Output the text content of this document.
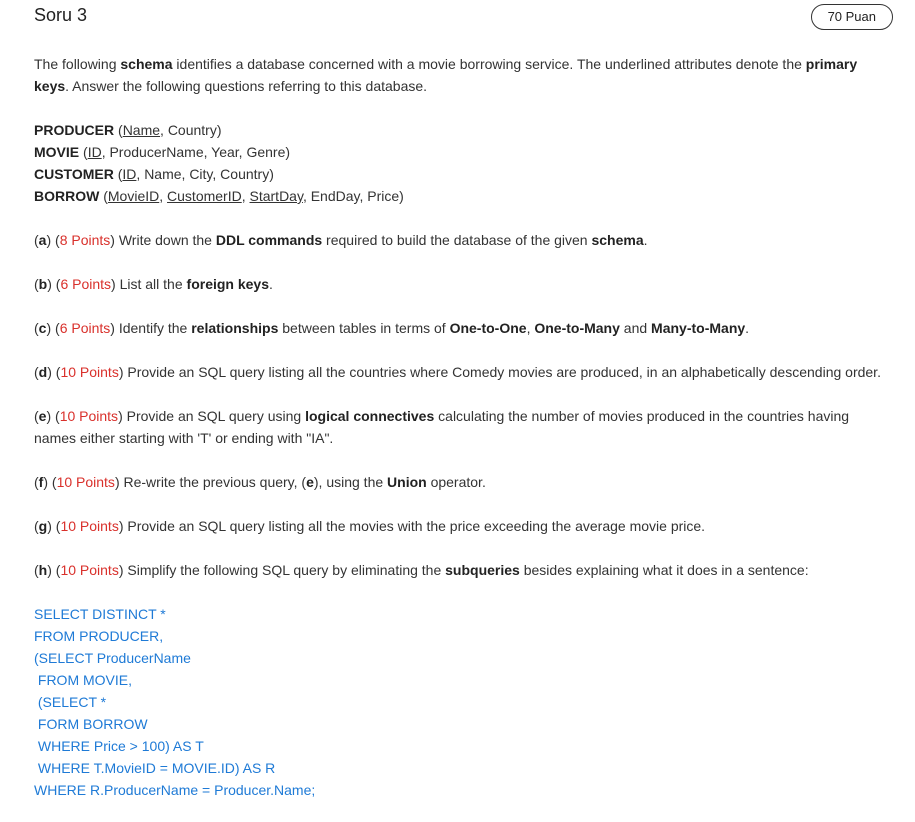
Soru 3	70 Puan

The following schema identifies a database concerned with a movie borrowing service. The underlined attributes denote the primary keys. Answer the following questions referring to this database.

PRODUCER (Name, Country)
MOVIE (ID, ProducerName, Year, Genre)
CUSTOMER (ID, Name, City, Country)
BORROW (MovieID, CustomerID, StartDay, EndDay, Price)

(a) (8 Points) Write down the DDL commands required to build the database of the given schema.

(b) (6 Points) List all the foreign keys.

(c) (6 Points) Identify the relationships between tables in terms of One-to-One, One-to-Many and Many-to-Many.

(d) (10 Points) Provide an SQL query listing all the countries where Comedy movies are produced, in an alphabetically descending order.

(e) (10 Points) Provide an SQL query using logical connectives calculating the number of movies produced in the countries having names either starting with 'T' or ending with "IA".

(f) (10 Points) Re-write the previous query, (e), using the Union operator.

(g) (10 Points) Provide an SQL query listing all the movies with the price exceeding the average movie price.

(h) (10 Points) Simplify the following SQL query by eliminating the subqueries besides explaining what it does in a sentence:

SELECT DISTINCT *
FROM PRODUCER,
(SELECT ProducerName
FROM MOVIE,
(SELECT *
FORM BORROW
WHERE Price > 100) AS T
WHERE T.MovieID = MOVIE.ID) AS R
WHERE R.ProducerName = Producer.Name;
